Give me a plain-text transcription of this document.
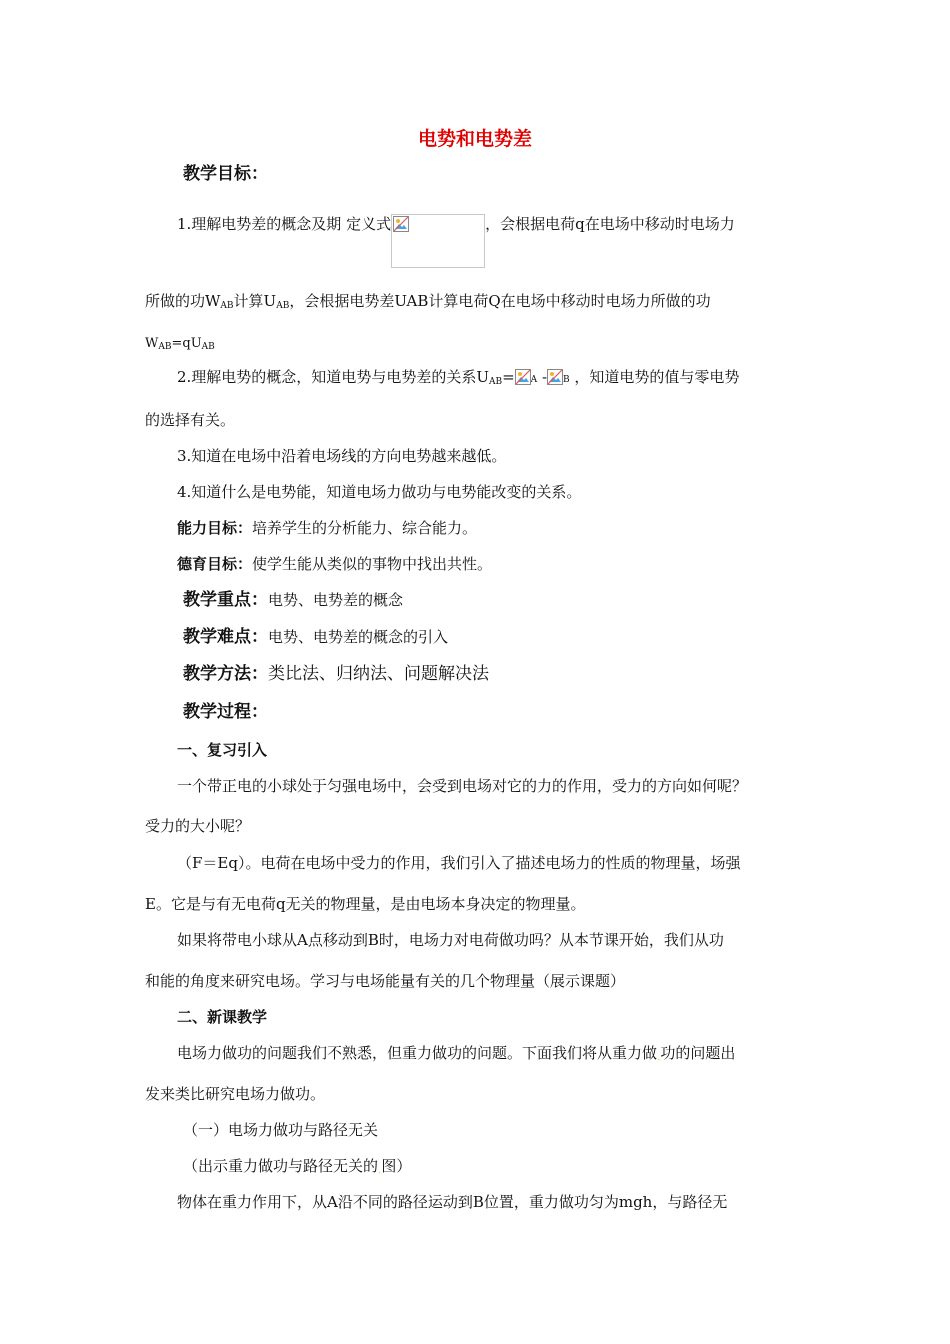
电势和电势差
教学目标：
1.理解电势差的概念及期 定义式	，会根据电荷q在电场中移动时电场力
所做的功$W_{AB}$计算$U_{AB}$，会根据电势差UAB计算电荷Q在电场中移动时电场力所做的功
$W_{AB}=qU_{AB}$
2.理解电势的概念，知道电势与电势差的关系$U_{AB}= A - B$ ，知道电势的值与零电势
的选择有关。
3.知道在电场中沿着电场线的方向电势越来越低。
4.知道什么是电势能，知道电场力做功与电势能改变的关系。
能力目标：培养学生的分析能力、综合能力。
德育目标：使学生能从类似的事物中找出共性。
教学重点：电势、电势差的概念
教学难点：电势、电势差的概念的引入
教学方法：类比法、归纳法、问题解决法
教学过程：
一、复习引入
一个带正电的小球处于匀强电场中，会受到电场对它的力的作用，受力的方向如何呢？
受力的大小呢？
（F＝Eq）。电荷在电场中受力的作用，我们引入了描述电场力的性质的物理量，场强
E。它是与有无电荷q无关的物理量，是由电场本身决定的物理量。
如果将带电小球从A点移动到B时，电场力对电荷做功吗？从本节课开始，我们从功
和能的角度来研究电场。学习与电场能量有关的几个物理量（展示课题）
二、新课教学
电场力做功的问题我们不熟悉，但重力做功的问题。下面我们将从重力做ˏ功的问题出
发来类比研究电场力做功。
（一）电场力做功与路径无关
（出示重力做功与路径无关的ˏ图）
物体在重力作用下，从A沿不同的路径运动到B位置，重力做功匀为mgh，与路径无
